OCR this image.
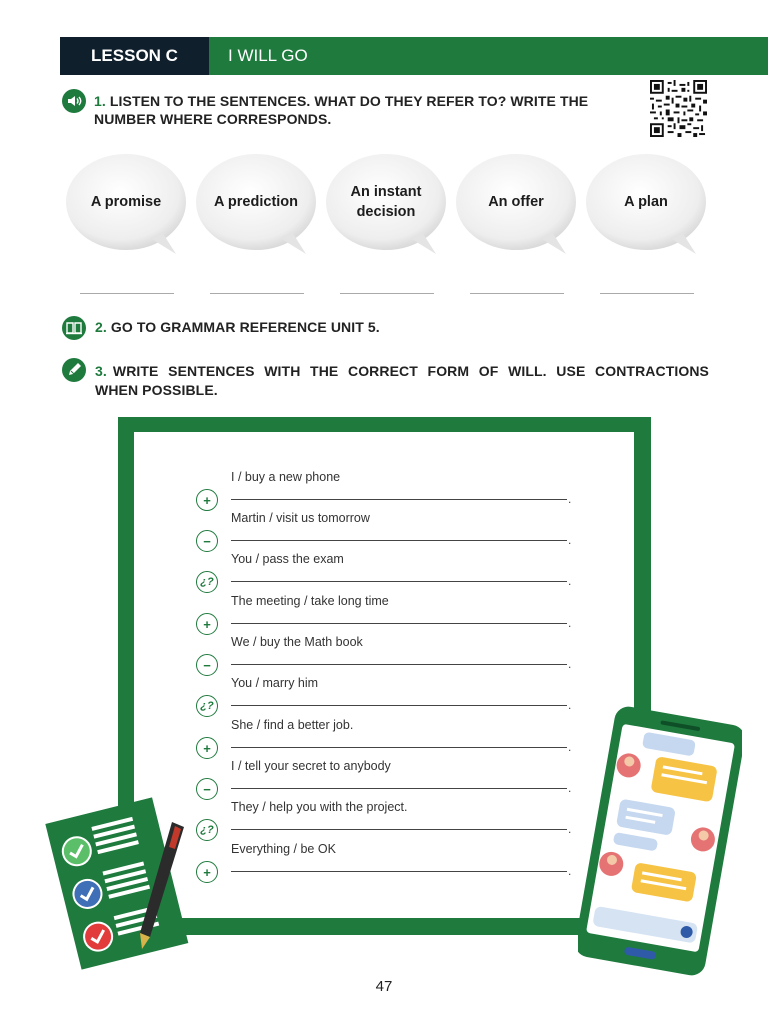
LESSON C	I WILL GO
1. LISTEN TO THE SENTENCES. WHAT DO THEY REFER TO? WRITE THE
NUMBER WHERE CORRESPONDS.
A promise	A prediction
An instant decision
An offer	A plan
2. GO TO GRAMMAR REFERENCE UNIT 5.
3. WRITE SENTENCES WITH THE CORRECT FORM OF WILL. USE CONTRACTIONS
WHEN POSSIBLE.
+
I / buy a new phone
.
−
Martin / visit us tomorrow
.
¿?
You / pass the exam
.
+
The meeting / take long time
.
−
We / buy the Math book
.
¿?
You / marry him
.
+
She / find a better job.
.
−
I / tell your secret to anybody
.
¿?
They / help you with the project.
.
+
Everything / be OK
.
47
